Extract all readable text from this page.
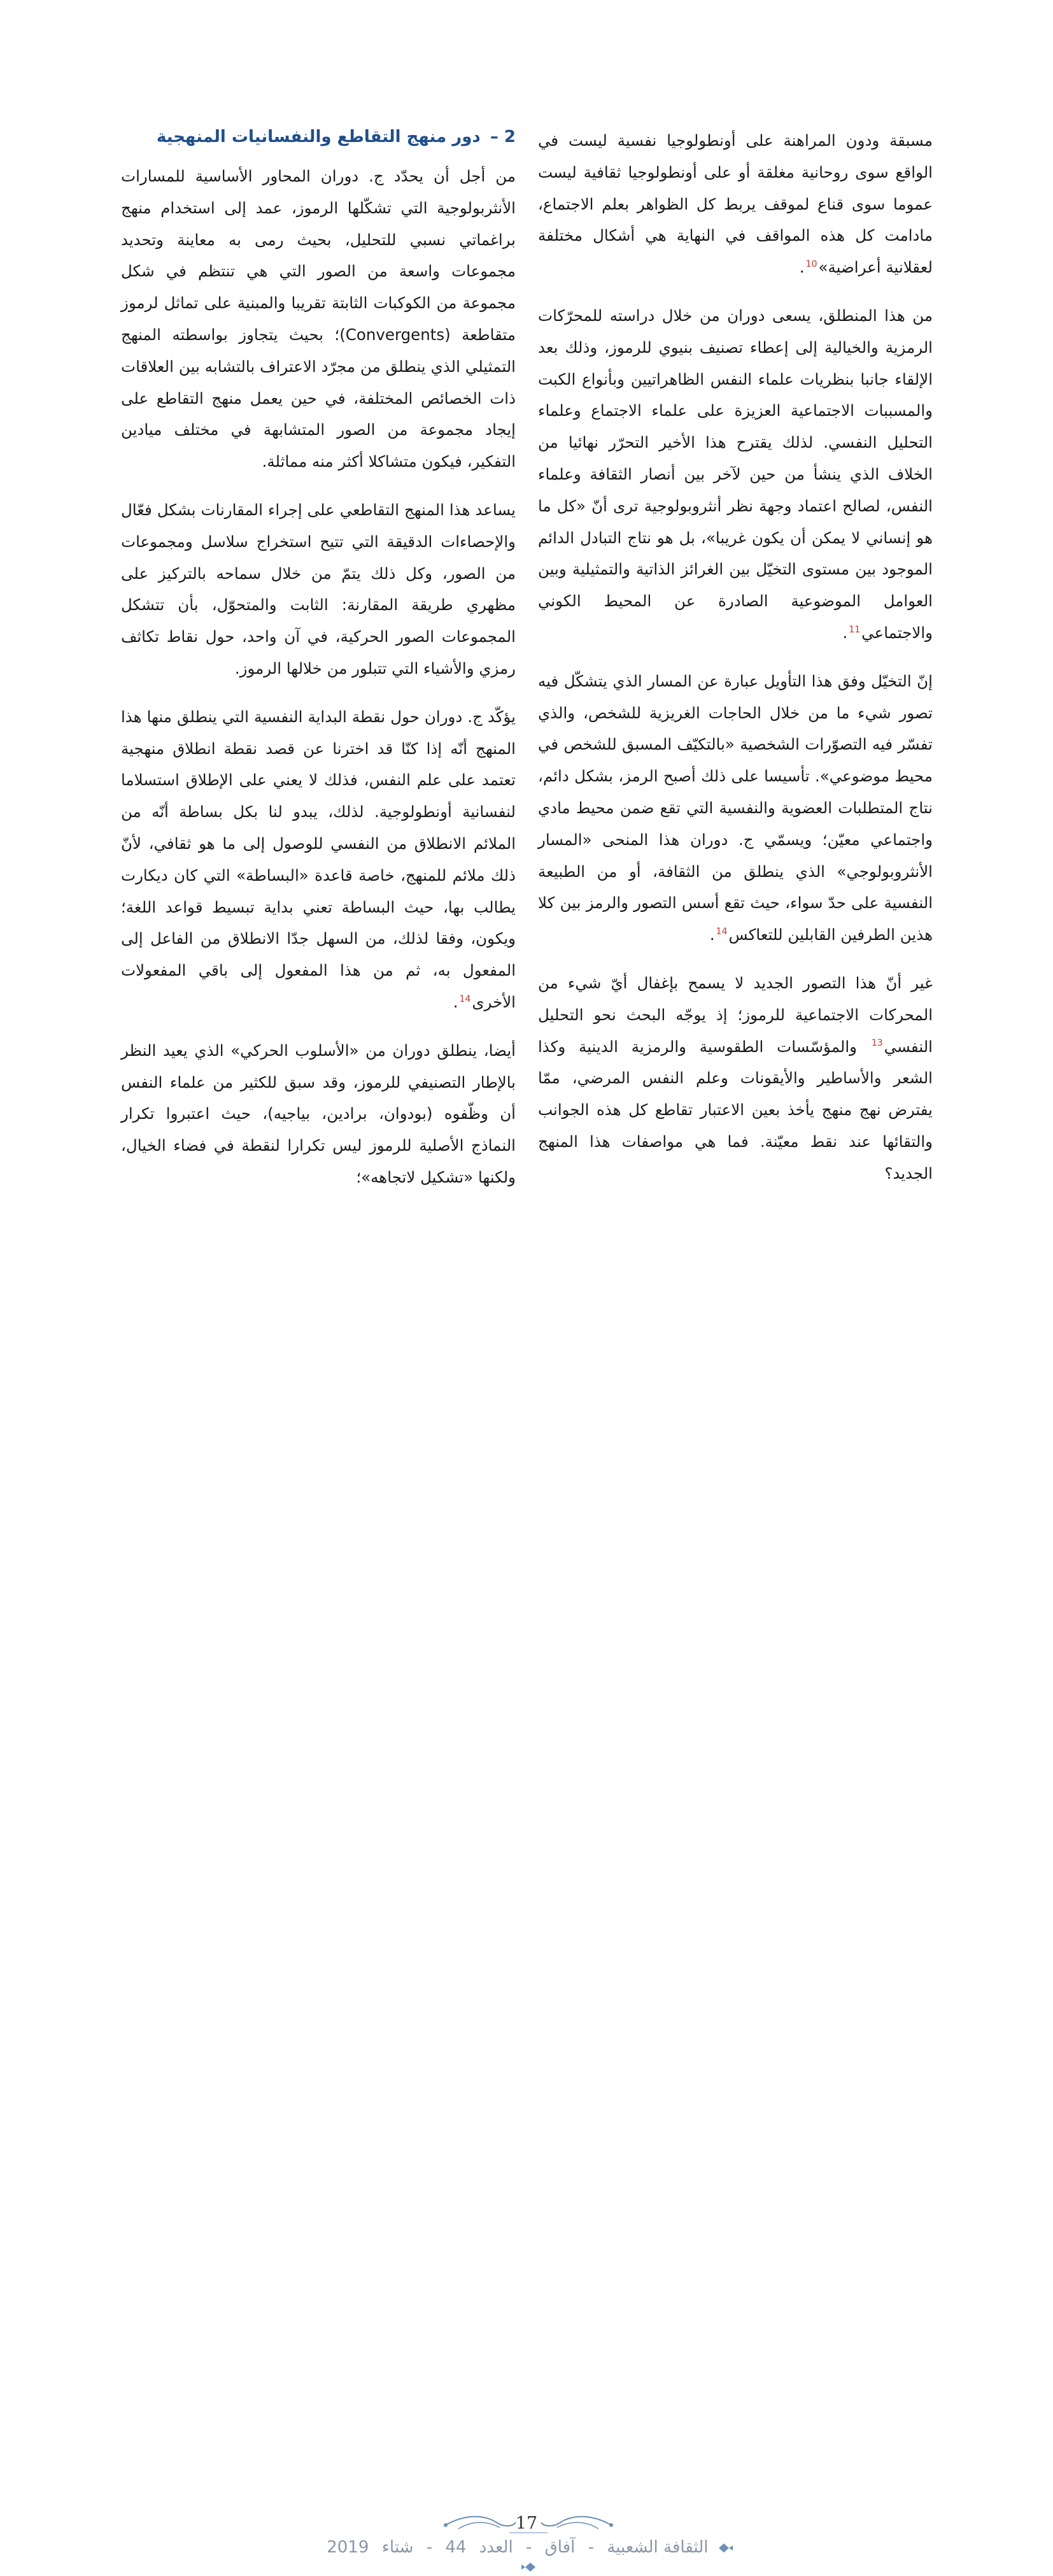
مسبقة ودون المراهنة على أونطولوجيا نفسية ليست في الواقع سوى روحانية مغلقة أو على أونطولوجيا ثقافية ليست عموما سوى قناع لموقف يربط كل الظواهر بعلم الاجتماع، مادامت كل هذه المواقف في النهاية هي أشكال مختلفة لعقلانية أعراضية»$^{10}$.

من هذا المنطلق، يسعى دوران من خلال دراسته للمحرّكات الرمزية والخيالية إلى إعطاء تصنيف بنيوي للرموز، وذلك بعد الإلقاء جانبا بنظريات علماء النفس الظاهراتيين وبأنواع الكبت والمسببات الاجتماعية العزيزة على علماء الاجتماع وعلماء التحليل النفسي. لذلك يقترح هذا الأخير التحرّر نهائيا من الخلاف الذي ينشأ من حين لآخر بين أنصار الثقافة وعلماء النفس، لصالح اعتماد وجهة نظر أنثروبولوجية ترى أنّ «كل ما هو إنساني لا يمكن أن يكون غريبا»، بل هو نتاج التبادل الدائم الموجود بين مستوى التخيّل بين الغرائز الذاتية والتمثيلية وبين العوامل الموضوعية الصادرة عن المحيط الكوني والاجتماعي$^{11}$.

إنّ التخيّل وفق هذا التأويل عبارة عن المسار الذي يتشكّل فيه تصور شيء ما من خلال الحاجات الغريزية للشخص، والذي تفسّر فيه التصوّرات الشخصية «بالتكيّف المسبق للشخص في محيط موضوعي». تأسيسا على ذلك أصبح الرمز، بشكل دائم، نتاج المتطلبات العضوية والنفسية التي تقع ضمن محيط مادي واجتماعي معيّن؛ ويسمّي ج. دوران هذا المنحى «المسار الأنثروبولوجي» الذي ينطلق من الثقافة، أو من الطبيعة النفسية على حدّ سواء، حيث تقع أسس التصور والرمز بين كلا هذين الطرفين القابلين للتعاكس$^{14}$.

غير أنّ هذا التصور الجديد لا يسمح بإغفال أيّ شيء من المحركات الاجتماعية للرموز؛ إذ يوجّه البحث نحو التحليل النفسي$^{13}$ والمؤسّسات الطقوسية والرمزية الدينية وكذا الشعر والأساطير والأيقونات وعلم النفس المرضي، ممّا يفترض نهج منهج يأخذ بعين الاعتبار تقاطع كل هذه الجوانب والتقائها عند نقط معيّنة. فما هي مواصفات هذا المنهج الجديد؟

2 – دور منهج التقاطع والنفسانيات المنهجية

من أجل أن يحدّد ج. دوران المحاور الأساسية للمسارات الأنثربولوجية التي تشكّلها الرموز، عمد إلى استخدام منهج براغماتي نسبي للتحليل، بحيث رمى به معاينة وتحديد مجموعات واسعة من الصور التي هي تنتظم في شكل مجموعة من الكوكبات الثابتة تقريبا والمبنية على تماثل لرموز متقاطعة (Convergents)؛ بحيث يتجاوز بواسطته المنهج التمثيلي الذي ينطلق من مجرّد الاعتراف بالتشابه بين العلاقات ذات الخصائص المختلفة، في حين يعمل منهج التقاطع على إيجاد مجموعة من الصور المتشابهة في مختلف ميادين التفكير، فيكون متشاكلا أكثر منه مماثلة.

يساعد هذا المنهج التقاطعي على إجراء المقارنات بشكل فعّال والإحصاءات الدقيقة التي تتيح استخراج سلاسل ومجموعات من الصور، وكل ذلك يتمّ من خلال سماحه بالتركيز على مظهري طريقة المقارنة: الثابت والمتحوّل، بأن تتشكل المجموعات الصور الحركية، في آن واحد، حول نقاط تكاثف رمزي والأشياء التي تتبلور من خلالها الرموز.

يؤكّد ج. دوران حول نقطة البداية النفسية التي ينطلق منها هذا المنهج أنّه إذا كنّا قد اخترنا عن قصد نقطة انطلاق منهجية تعتمد على علم النفس، فذلك لا يعني على الإطلاق استسلاما لنفسانية أونطولوجية. لذلك، يبدو لنا بكل بساطة أنّه من الملائم الانطلاق من النفسي للوصول إلى ما هو ثقافي، لأنّ ذلك ملائم للمنهج، خاصة قاعدة «البساطة» التي كان ديكارت يطالب بها، حيث البساطة تعني بداية تبسيط قواعد اللغة؛ ويكون، وفقا لذلك، من السهل جدّا الانطلاق من الفاعل إلى المفعول به، ثم من هذا المفعول إلى باقي المفعولات الأخرى$^{14}$.

أيضا، ينطلق دوران من «الأسلوب الحركي» الذي يعيد النظر بالإطار التصنيفي للرموز، وقد سبق للكثير من علماء النفس أن وظّفوه (بودوان، برادين، بياجيه)، حيث اعتبروا تكرار النماذج الأصلية للرموز ليس تكرارا لنقطة في فضاء الخيال، ولكنها «تشكيل لاتجاهه»؛

17
الثقافة الشعبية - آفاق - العدد 44 - شتاء 2019
